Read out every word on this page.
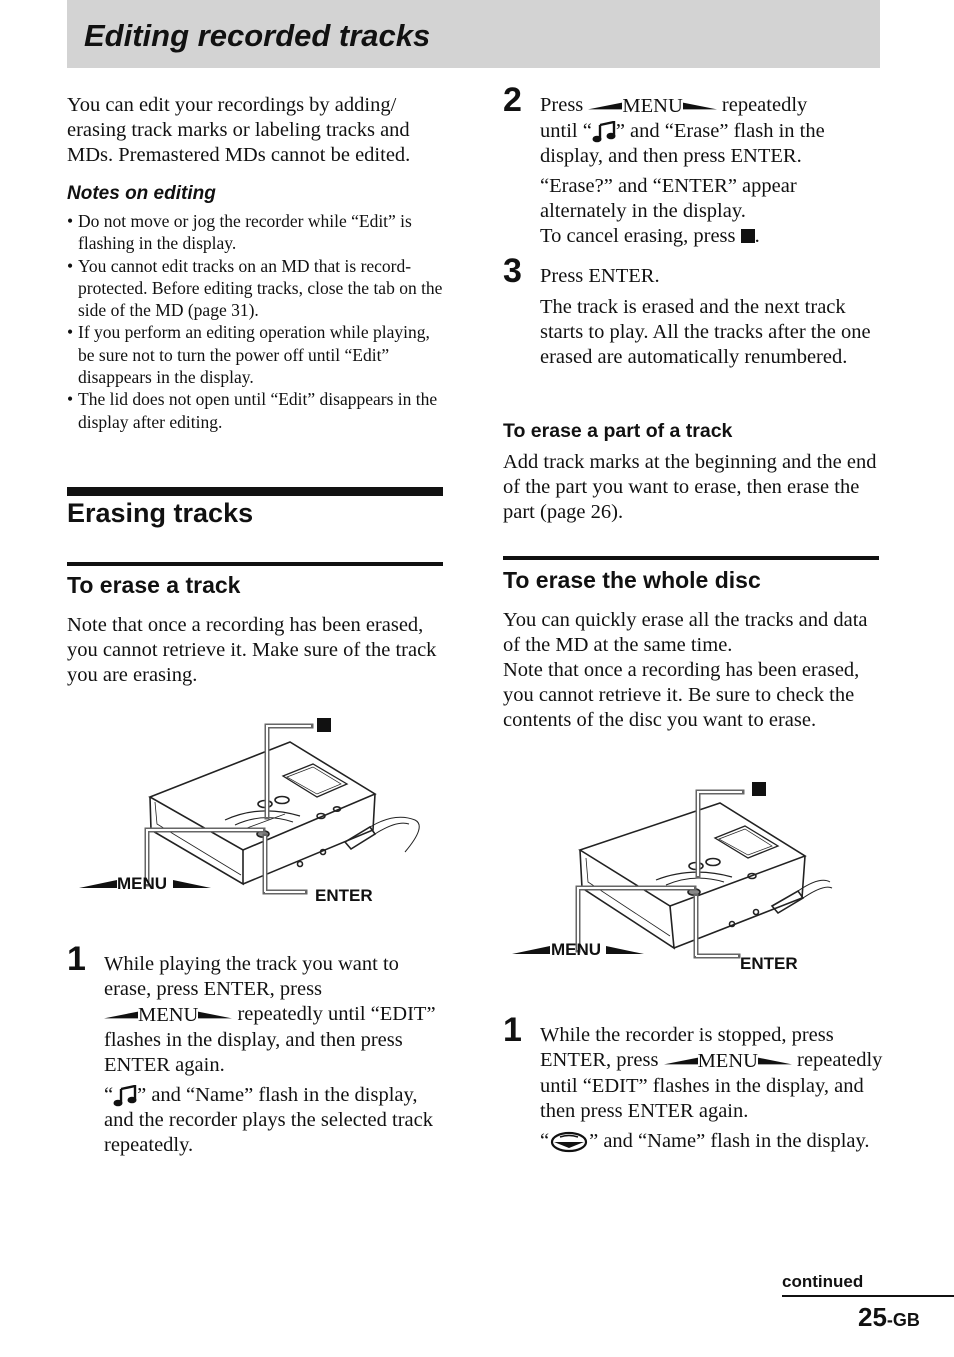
Editing recorded tracks

You can edit your recordings by adding/ erasing track marks or labeling tracks and MDs. Premastered MDs cannot be edited.

Notes on editing
• Do not move or jog the recorder while “Edit” is flashing in the display.
• You cannot edit tracks on an MD that is record-protected. Before editing tracks, close the tab on the side of the MD (page 31).
• If you perform an editing operation while playing, be sure not to turn the power off until “Edit” disappears in the display.
• The lid does not open until “Edit” disappears in the display after editing.
Erasing tracks
To erase a track

Note that once a recording has been erased, you cannot retrieve it. Make sure of the track you are erasing.

MENU
ENTER
1 While playing the track you want to erase, press ENTER, press
MENU repeatedly until “EDIT” flashes in the display, and then press ENTER again.

“ ” and “Name” flash in the display, and the recorder plays the selected track repeatedly.

2 Press MENU repeatedly
until “ ” and “Erase” flash in the display, and then press ENTER.

“Erase?” and “ENTER” appear alternately in the display.

To cancel erasing, press .

3 Press ENTER.

The track is erased and the next track starts to play. All the tracks after the one erased are automatically renumbered.

To erase a part of a track

Add track marks at the beginning and the end of the part you want to erase, then erase the part (page 26).

To erase the whole disc

You can quickly erase all the tracks and data of the MD at the same time.

Note that once a recording has been erased, you cannot retrieve it. Be sure to check the contents of the disc you want to erase.

MENU
ENTER
1 While the recorder is stopped, press ENTER, press MENU repeatedly until “EDIT” flashes in the display, and then press ENTER again.

“ ” and “Name” flash in the display.

continued
25-GB
